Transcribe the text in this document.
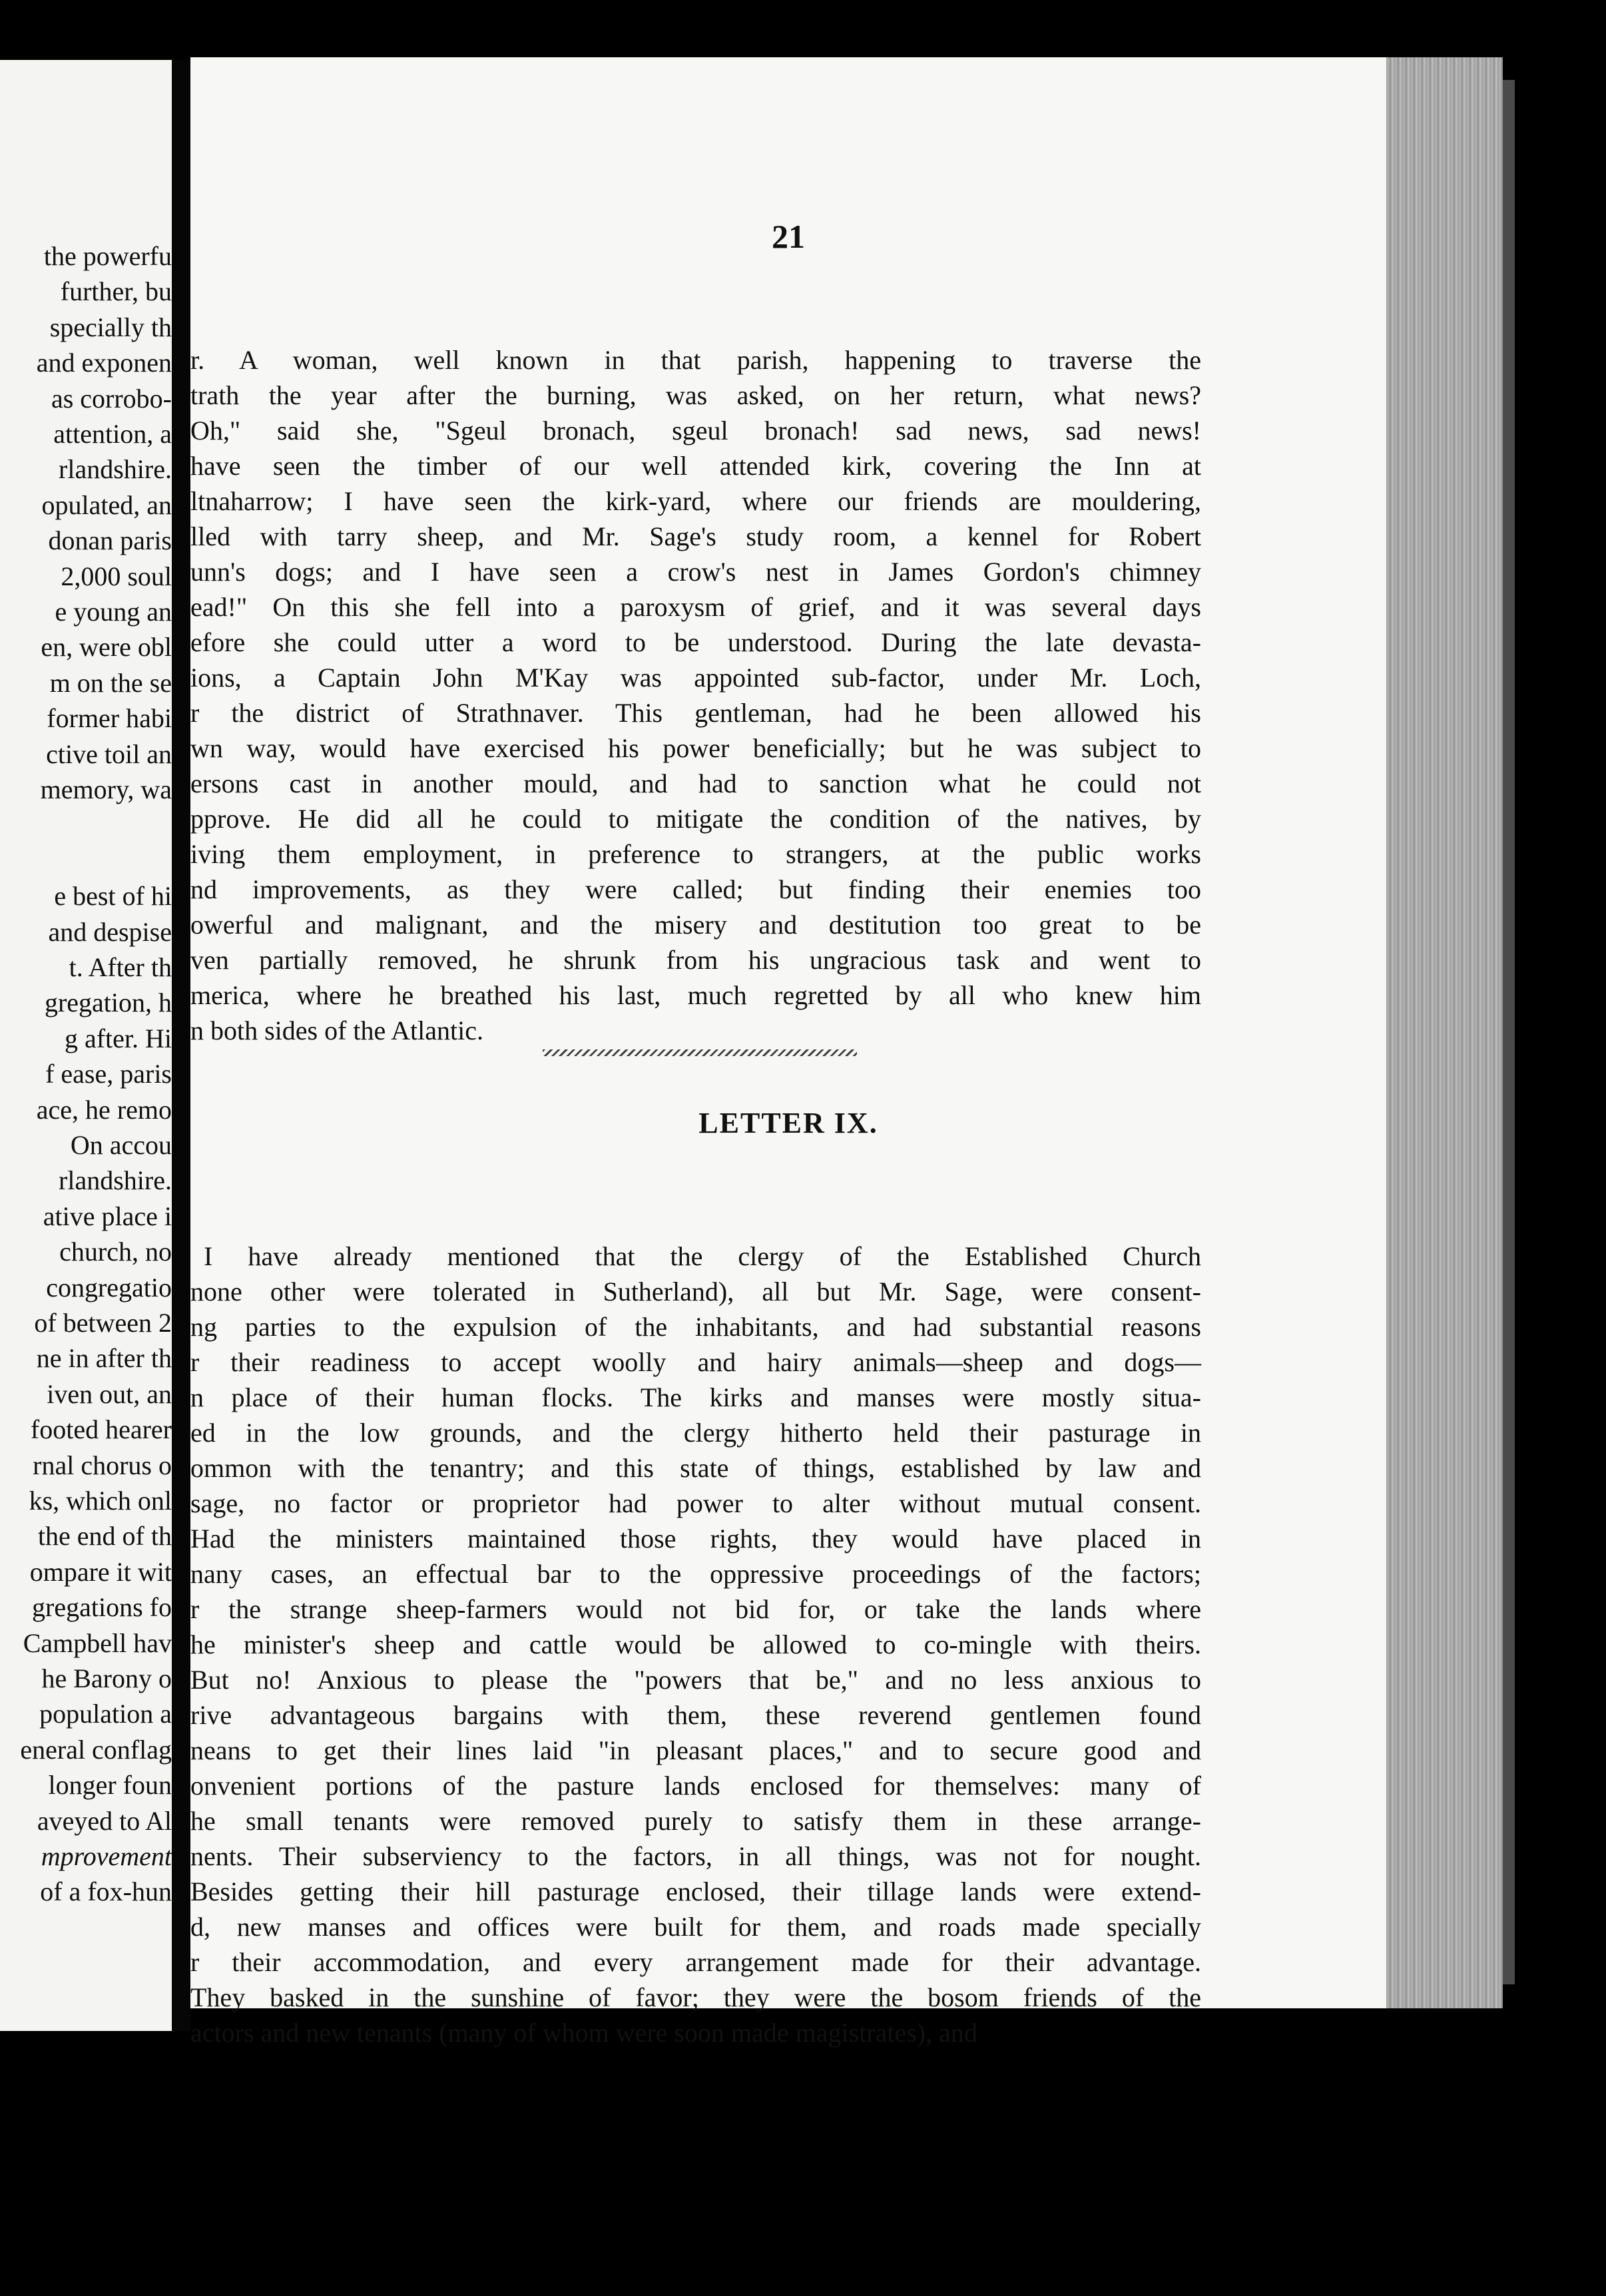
the powerfu
further, bu
specially th
and exponen
as corrobo-
attention, a
rlandshire.
opulated, an
donan paris
2,000 soul
e young an
en, were obl
m on the se
former habi
ctive toil an
memory, wa
e best of hi
and despise
t. After th
gregation, h
g after. Hi
f ease, paris
ace, he remo
On accou
rlandshire.
ative place i
church, no
congregatio
of between 2
ne in after th
iven out, an
footed hearer
rnal chorus o
ks, which onl
the end of th
ompare it wit
gregations fo
Campbell hav
he Barony o
population a
eneral conflag
longer foun
aveyed to Al
mprovement
of a fox-hun
21
r. A woman, well known in that parish, happening to traverse the
trath the year after the burning, was asked, on her return, what news?
Oh," said she, "Sgeul bronach, sgeul bronach! sad news, sad news!
have seen the timber of our well attended kirk, covering the Inn at
ltnaharrow; I have seen the kirk-yard, where our friends are mouldering,
lled with tarry sheep, and Mr. Sage's study room, a kennel for Robert
unn's dogs; and I have seen a crow's nest in James Gordon's chimney
ead!" On this she fell into a paroxysm of grief, and it was several days
efore she could utter a word to be understood. During the late devasta-
ions, a Captain John M'Kay was appointed sub-factor, under Mr. Loch,
r the district of Strathnaver. This gentleman, had he been allowed his
wn way, would have exercised his power beneficially; but he was subject to
ersons cast in another mould, and had to sanction what he could not
pprove. He did all he could to mitigate the condition of the natives, by
iving them employment, in preference to strangers, at the public works
nd improvements, as they were called; but finding their enemies too
owerful and malignant, and the misery and destitution too great to be
ven partially removed, he shrunk from his ungracious task and went to
merica, where he breathed his last, much regretted by all who knew him
n both sides of the Atlantic.
LETTER IX.
I have already mentioned that the clergy of the Established Church
none other were tolerated in Sutherland), all but Mr. Sage, were consent-
ng parties to the expulsion of the inhabitants, and had substantial reasons
r their readiness to accept woolly and hairy animals—sheep and dogs—
n place of their human flocks. The kirks and manses were mostly situa-
ed in the low grounds, and the clergy hitherto held their pasturage in
ommon with the tenantry; and this state of things, established by law and
sage, no factor or proprietor had power to alter without mutual consent.
Had the ministers maintained those rights, they would have placed in
nany cases, an effectual bar to the oppressive proceedings of the factors;
r the strange sheep-farmers would not bid for, or take the lands where
he minister's sheep and cattle would be allowed to co-mingle with theirs.
But no! Anxious to please the "powers that be," and no less anxious to
rive advantageous bargains with them, these reverend gentlemen found
neans to get their lines laid "in pleasant places," and to secure good and
onvenient portions of the pasture lands enclosed for themselves: many of
he small tenants were removed purely to satisfy them in these arrange-
nents. Their subserviency to the factors, in all things, was not for nought.
Besides getting their hill pasturage enclosed, their tillage lands were extend-
d, new manses and offices were built for them, and roads made specially
r their accommodation, and every arrangement made for their advantage.
They basked in the sunshine of favor; they were the bosom friends of the
actors and new tenants (many of whom were soon made magistrates), and
